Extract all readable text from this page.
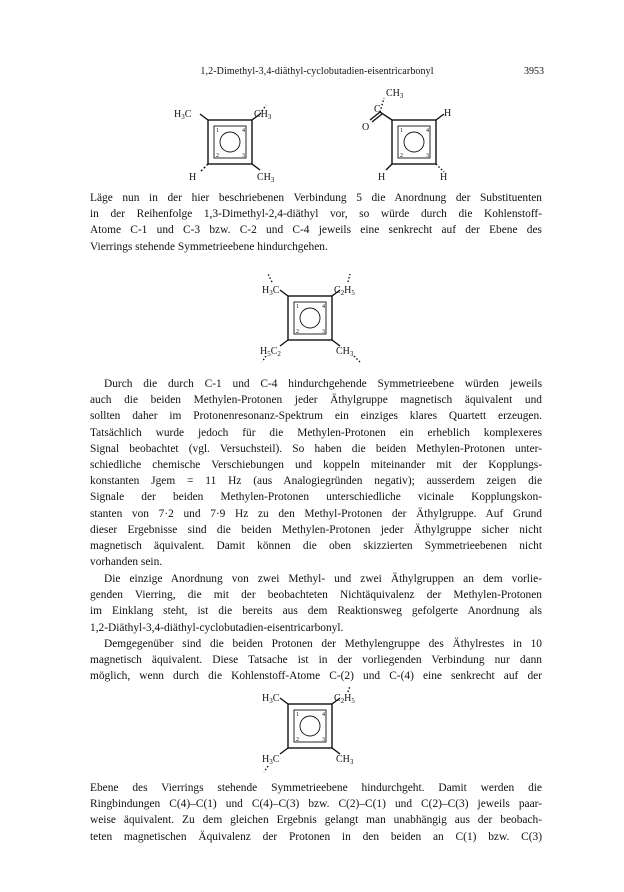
1,2-Dimethyl-3,4-diäthyl-cyclobutadien-eisentricarbonyl	3953
$H_3C$	$CH_3$
H	$CH_3$
1
2	3
4
$CH_3$
C
O
H
H	H
1
2	3
4
$H_3C$	$C_2H_5$
$H_5C_2$	$CH_3$
1
2	3
4
$H_3C$	$C_2H_5$
$H_3C$	$CH_3$
1
2	3
4
Läge nun in der hier beschriebenen Verbindung 5 die Anordnung der Substituenten
in der Reihenfolge 1,3-Dimethyl-2,4-diäthyl vor, so würde durch die Kohlenstoff-
Atome C-1 und C-3 bzw. C-2 und C-4 jeweils eine senkrecht auf der Ebene des
Vierrings stehende Symmetrieebene hindurchgehen.
Durch die durch C-1 und C-4 hindurchgehende Symmetrieebene würden jeweils
auch die beiden Methylen-Protonen jeder Äthylgruppe magnetisch äquivalent und
sollten daher im Protonenresonanz-Spektrum ein einziges klares Quartett erzeugen.
Tatsächlich wurde jedoch für die Methylen-Protonen ein erheblich komplexeres
Signal beobachtet (vgl. Versuchsteil). So haben die beiden Methylen-Protonen unter-
schiedliche chemische Verschiebungen und koppeln miteinander mit der Kopplungs-
konstanten Jgem = 11 Hz (aus Analogiegründen negativ); ausserdem zeigen die
Signale der beiden Methylen-Protonen unterschiedliche vicinale Kopplungskon-
stanten von 7·2 und 7·9 Hz zu den Methyl-Protonen der Äthylgruppe. Auf Grund
dieser Ergebnisse sind die beiden Methylen-Protonen jeder Äthylgruppe sicher nicht
magnetisch äquivalent. Damit können die oben skizzierten Symmetrieebenen nicht
vorhanden sein.
Die einzige Anordnung von zwei Methyl- und zwei Äthylgruppen an dem vorlie-
genden Vierring, die mit der beobachteten Nichtäquivalenz der Methylen-Protonen
im Einklang steht, ist die bereits aus dem Reaktionsweg gefolgerte Anordnung als
1,2-Diäthyl-3,4-diäthyl-cyclobutadien-eisentricarbonyl.
Demgegenüber sind die beiden Protonen der Methylengruppe des Äthylrestes in 10
magnetisch äquivalent. Diese Tatsache ist in der vorliegenden Verbindung nur dann
möglich, wenn durch die Kohlenstoff-Atome C-(2) und C-(4) eine senkrecht auf der
Ebene des Vierrings stehende Symmetrieebene hindurchgeht. Damit werden die
Ringbindungen C(4)–C(1) und C(4)–C(3) bzw. C(2)–C(1) und C(2)–C(3) jeweils paar-
weise äquivalent. Zu dem gleichen Ergebnis gelangt man unabhängig aus der beobach-
teten magnetischen Äquivalenz der Protonen in den beiden an C(1) bzw. C(3)
